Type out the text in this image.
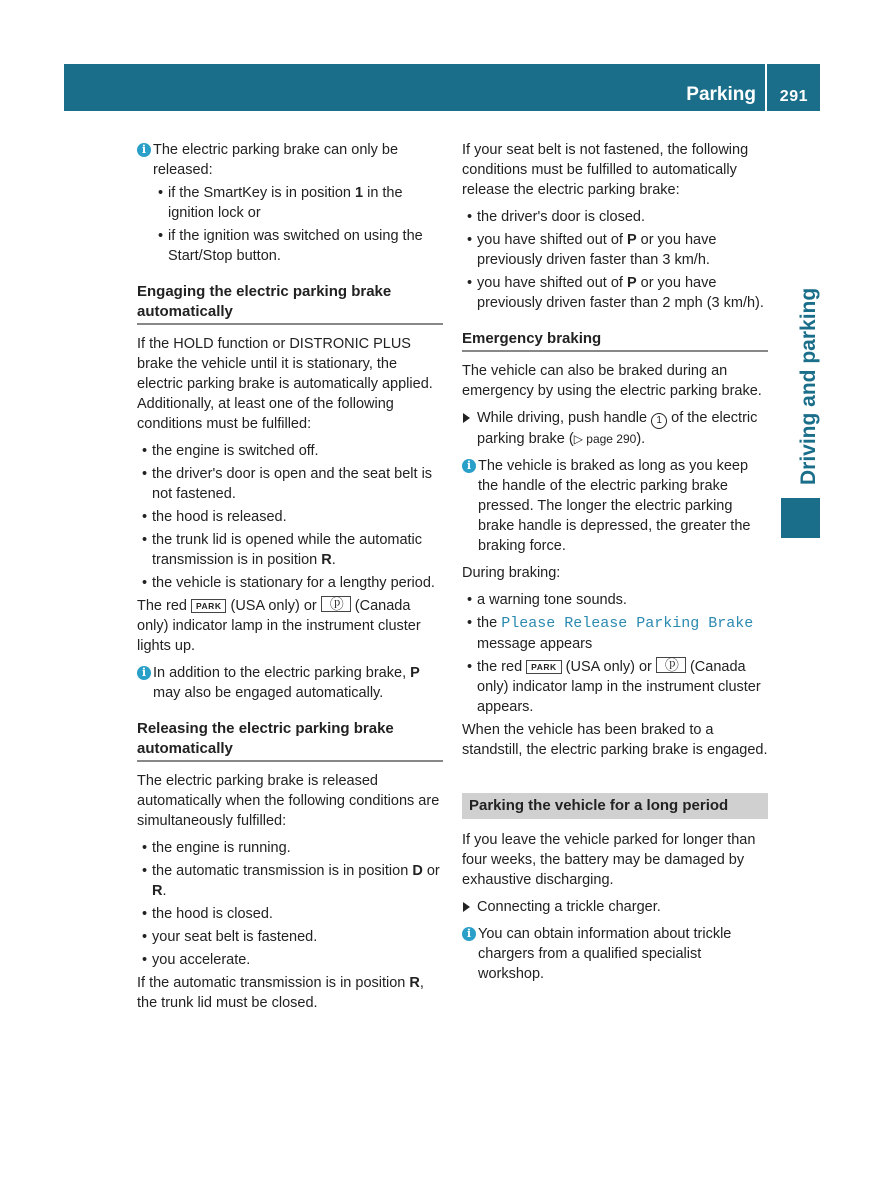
Parking 291
Driving and parking
i The electric parking brake can only be released:
• if the SmartKey is in position 1 in the ignition lock or
• if the ignition was switched on using the Start/Stop button.
Engaging the electric parking brake automatically

If the HOLD function or DISTRONIC PLUS brake the vehicle until it is stationary, the electric parking brake is automatically applied. Additionally, at least one of the following conditions must be fulfilled:

• the engine is switched off.
• the driver's door is open and the seat belt is not fastened.
• the hood is released.
• the trunk lid is opened while the automatic transmission is in position R.
• the vehicle is stationary for a lengthy period.

The red PARK (USA only) or ⓟ (Canada only) indicator lamp in the instrument cluster lights up.

i In addition to the electric parking brake, P may also be engaged automatically.
Releasing the electric parking brake automatically

The electric parking brake is released automatically when the following conditions are simultaneously fulfilled:

• the engine is running.
• the automatic transmission is in position D or R.
• the hood is closed.
• your seat belt is fastened.
• you accelerate.

If the automatic transmission is in position R, the trunk lid must be closed.

If your seat belt is not fastened, the following conditions must be fulfilled to automatically release the electric parking brake:

• the driver's door is closed.
• you have shifted out of P or you have previously driven faster than 3 km/h.
• you have shifted out of P or you have previously driven faster than 2 mph (3 km/h).
Emergency braking

The vehicle can also be braked during an emergency by using the electric parking brake.

While driving, push handle 1 of the electric parking brake (▷ page 290).
i The vehicle is braked as long as you keep the handle of the electric parking brake pressed. The longer the electric parking brake handle is depressed, the greater the braking force.

During braking:

• a warning tone sounds.
• the Please Release Parking Brake message appears
• the red PARK (USA only) or ⓟ (Canada only) indicator lamp in the instrument cluster appears.

When the vehicle has been braked to a standstill, the electric parking brake is engaged.

Parking the vehicle for a long period

If you leave the vehicle parked for longer than four weeks, the battery may be damaged by exhaustive discharging.

Connecting a trickle charger.
i You can obtain information about trickle chargers from a qualified specialist workshop.
